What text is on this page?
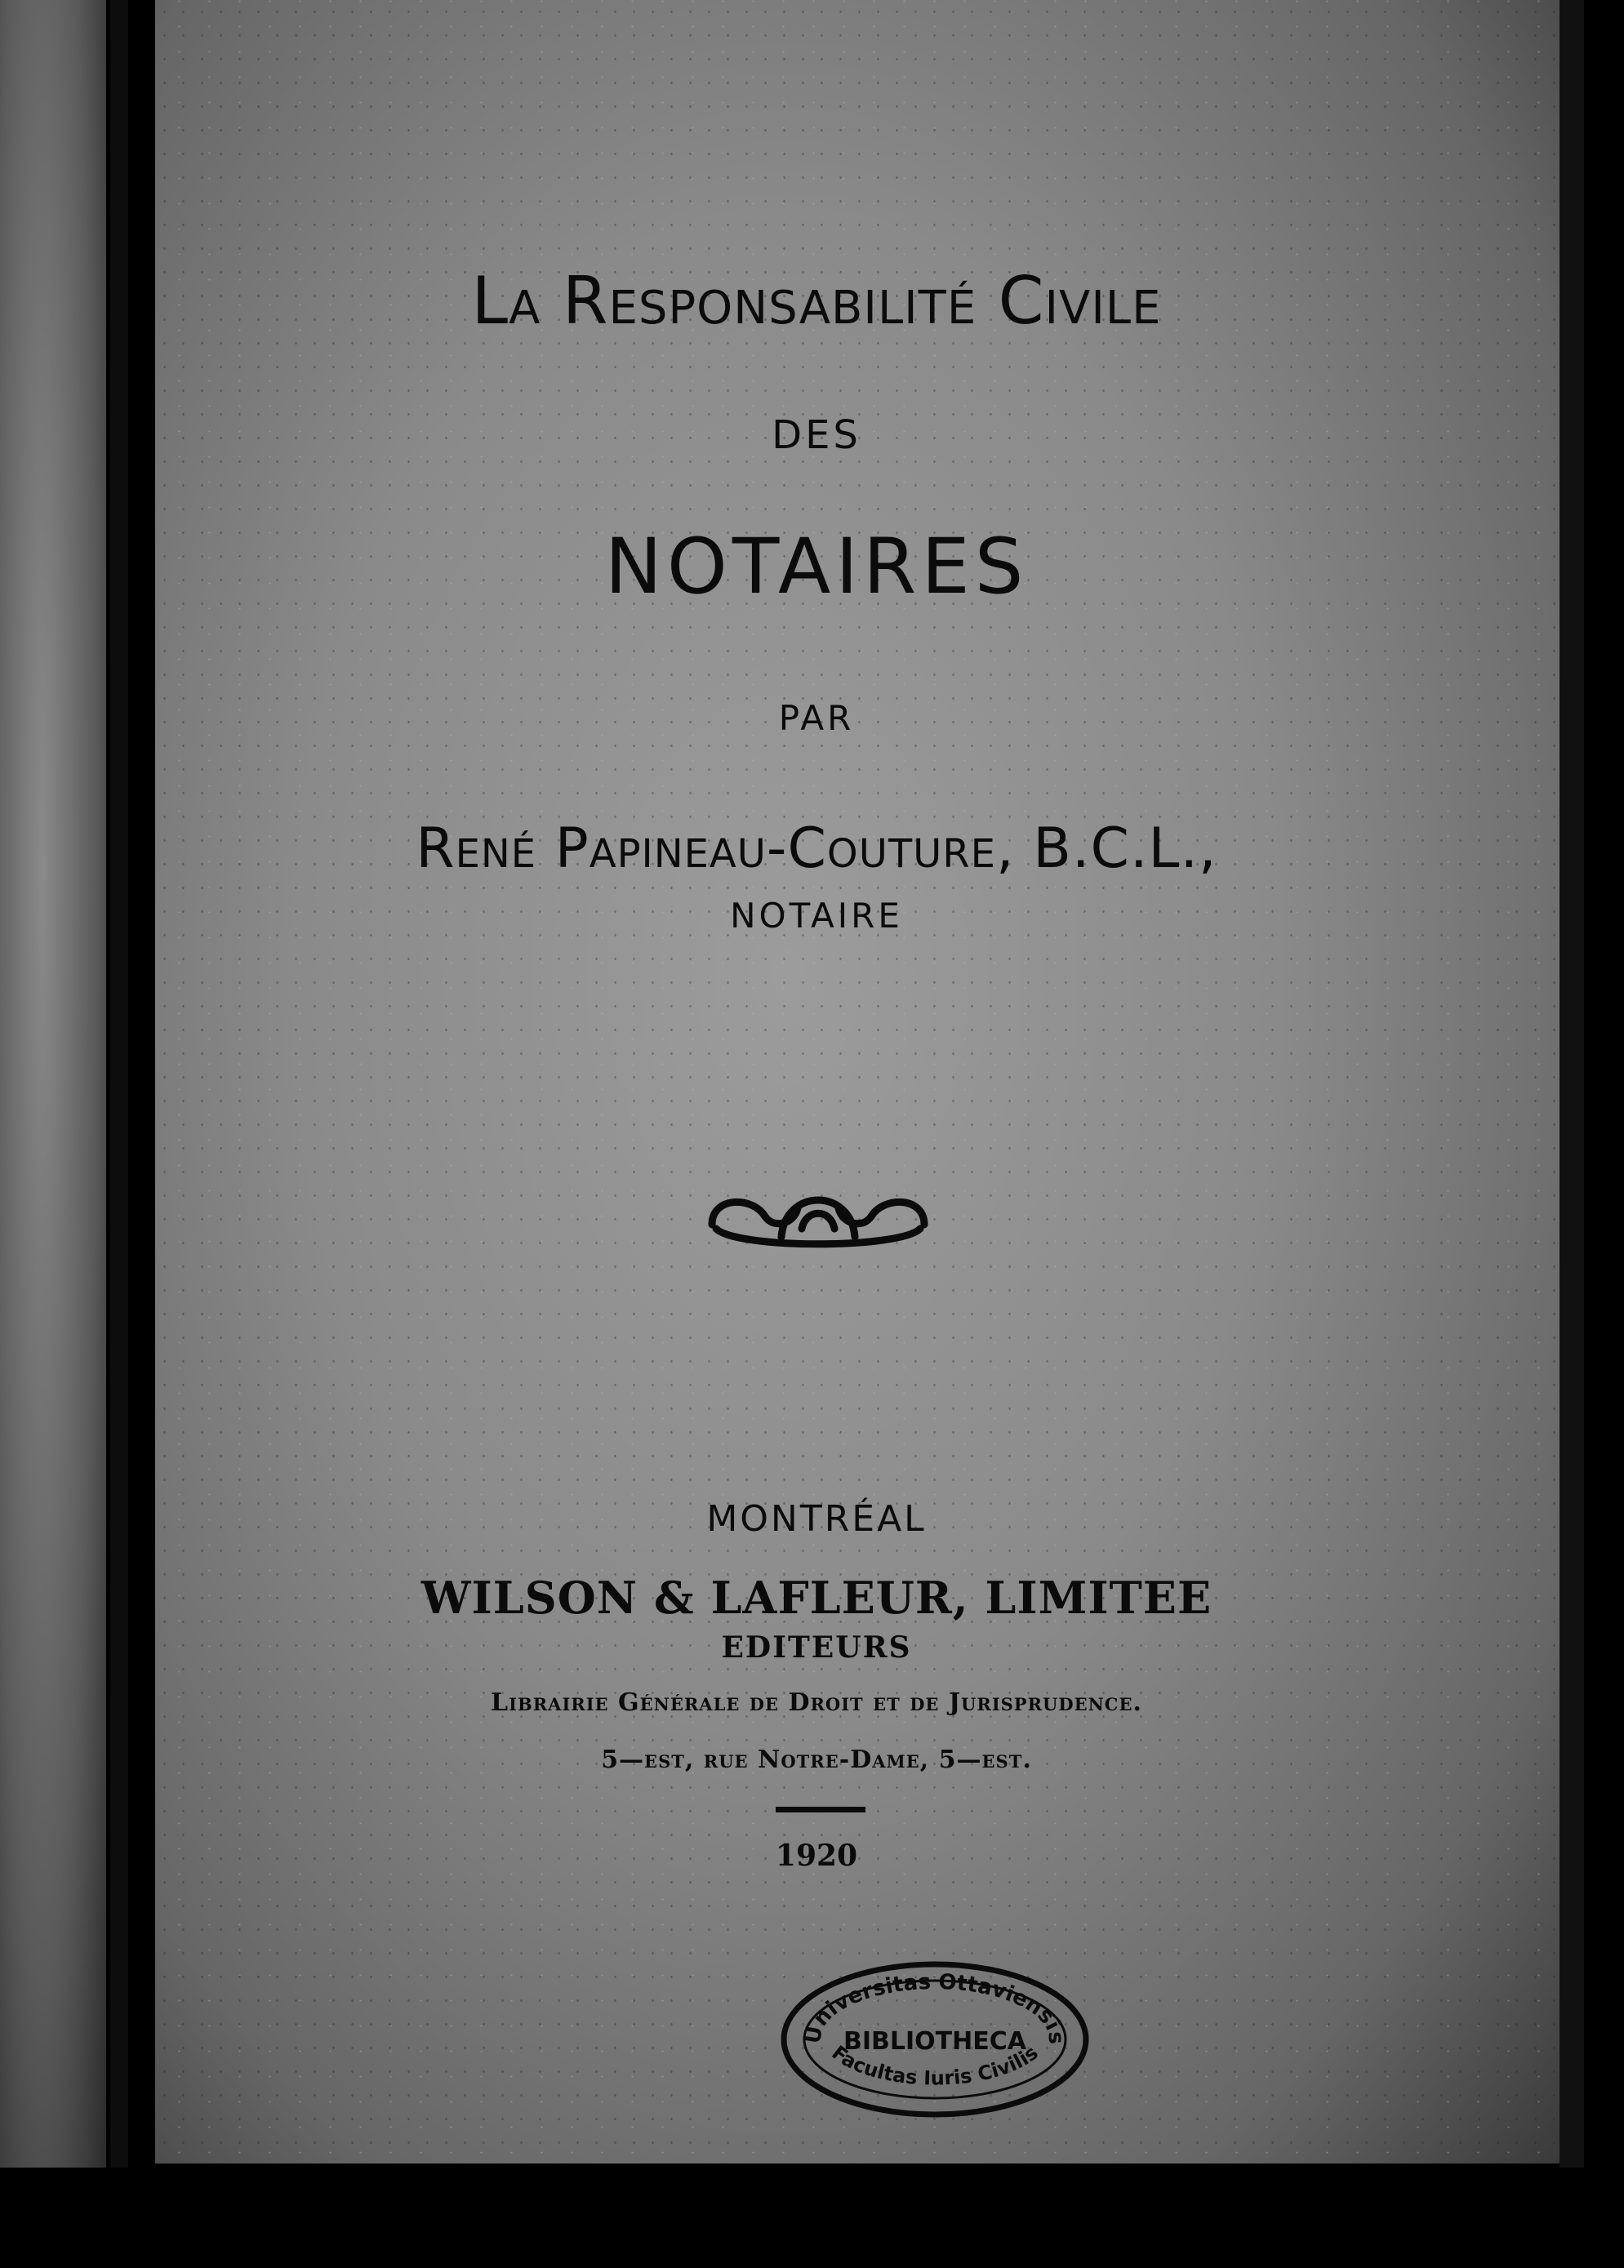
La Responsabilité Civile
DES
NOTAIRES
PAR
René Papineau-Couture, B.C.L.,
NOTAIRE
MONTRÉAL
WILSON & LAFLEUR, LIMITEE
EDITEURS
Librairie Générale de Droit et de Jurisprudence.
5—est, rue Notre-Dame, 5—est.
1920
Universitas Ottaviensis
BIBLIOTHECA
Facultas Iuris Civilis
